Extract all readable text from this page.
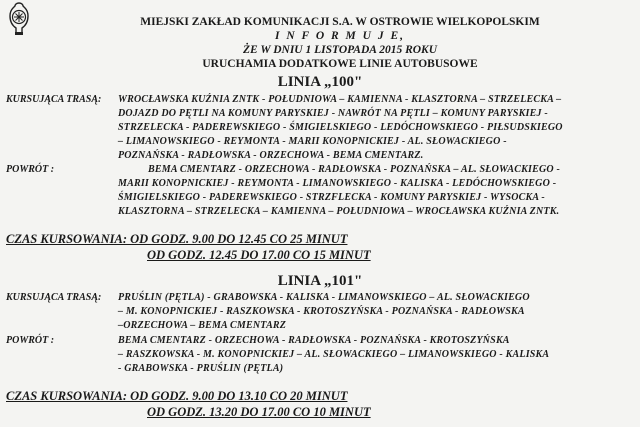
MIEJSKI ZAKŁAD KOMUNIKACJI S.A. W OSTROWIE WIELKOPOLSKIM
I N F O R M U J E,
ŻE W DNIU 1 LISTOPADA 2015 ROKU
URUCHAMIA DODATKOWE LINIE AUTOBUSOWE
LINIA „100"
KURSUJĄCA TRASĄ: WROCŁAWSKA KUŹNIA ZNTK - POŁUDNIOWA – KAMIENNA - KLASZTORNA – STRZELECKA –
DOJAZD DO PĘTLI NA KOMUNY PARYSKIEJ - NAWRÓT NA PĘTLI – KOMUNY PARYSKIEJ -
STRZELECKA - PADEREWSKIEGO - ŚMIGIELSKIEGO - LEDÓCHOWSKIEGO - PIŁSUDSKIEGO
– LIMANOWSKIEGO - REYMONTA - MARII KONOPNICKIEJ - AL. SŁOWACKIEGO -
POZNAŃSKA - RADŁOWSKA - ORZECHOWA - BEMA CMENTARZ.
POWRÓT :	BEMA CMENTARZ - ORZECHOWA - RADŁOWSKA - POZNAŃSKA – AL. SŁOWACKIEGO -
MARII KONOPNICKIEJ - REYMONTA - LIMANOWSKIEGO - KALISKA - LEDÓCHOWSKIEGO -
ŚMIGIELSKIEGO - PADEREWSKIEGO - STRZFLECKA - KOMUNY PARYSKIEJ - WYSOCKA -
KLASZTORNA – STRZELECKA – KAMIENNA – POŁUDNIOWA – WROCŁAWSKA KUŹNIA ZNTK.
CZAS KURSOWANIA: OD GODZ. 9.00 DO 12.45 CO 25 MINUT
OD GODZ. 12.45 DO 17.00 CO 15 MINUT
LINIA „101"
KURSUJĄCA TRASĄ: PRUŚLIN (PĘTLA) - GRABOWSKA - KALISKA - LIMANOWSKIEGO – AL. SŁOWACKIEGO
– M. KONOPNICKIEJ - RASZKOWSKA - KROTOSZYŃSKA - POZNAŃSKA - RADŁOWSKA
–ORZECHOWA – BEMA CMENTARZ
POWRÓT :	BEMA CMENTARZ - ORZECHOWA - RADŁOWSKA - POZNAŃSKA - KROTOSZYŃSKA
– RASZKOWSKA - M. KONOPNICKIEJ – AL. SŁOWACKIEGO – LIMANOWSKIEGO - KALISKA
- GRABOWSKA - PRUŚLIN (PĘTLA)
CZAS KURSOWANIA: OD GODZ. 9.00 DO 13.10 CO 20 MINUT
OD GODZ. 13.20 DO 17.00 CO 10 MINUT
